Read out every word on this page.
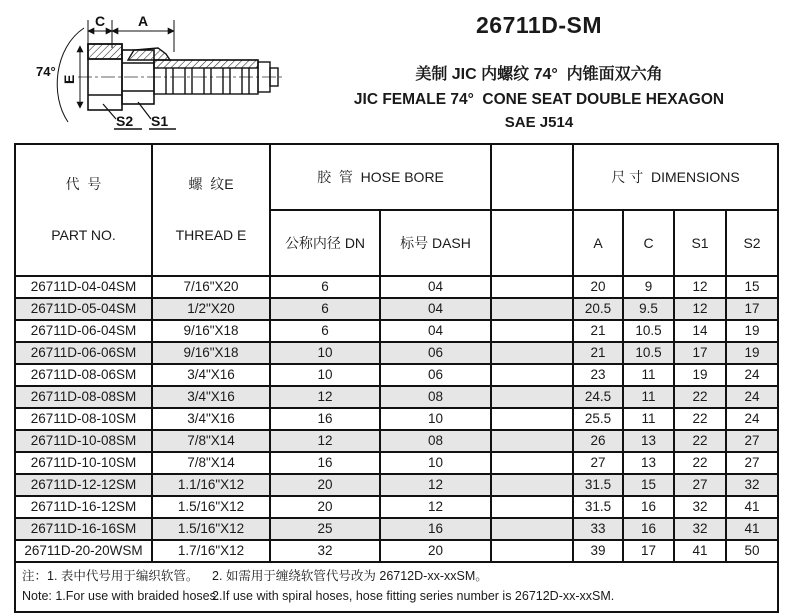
C A
E
74°
S2 S1
26711D-SM
美制 JIC 内螺纹 74°  内锥面双六角
JIC FEMALE 74°  CONE SEAT DOUBLE HEXAGON
SAE J514

代  号

PART NO.

螺  纹E

THREAD E

	胶  管  HOSE BORE		尺 寸  DIMENSIONS
		公称内径 DN	标号 DASH		A	C	S1	S2
26711D-04-04SM	7/16"X20	6	04		20	9	12	15
26711D-05-04SM	1/2"X20	6	04		20.5	9.5	12	17
26711D-06-04SM	9/16"X18	6	04		21	10.5	14	19
26711D-06-06SM	9/16"X18	10	06		21	10.5	17	19
26711D-08-06SM	3/4"X16	10	06		23	11	19	24
26711D-08-08SM	3/4"X16	12	08		24.5	11	22	24
26711D-08-10SM	3/4"X16	16	10		25.5	11	22	24
26711D-10-08SM	7/8"X14	12	08		26	13	22	27
26711D-10-10SM	7/8"X14	16	10		27	13	22	27
26711D-12-12SM	1.1/16"X12	20	12		31.5	15	27	32
26711D-16-12SM	1.5/16"X12	20	12		31.5	16	32	41
26711D-16-16SM	1.5/16"X12	25	16		33	16	32	41
26711D-20-20WSM	1.7/16"X12	32	20		39	17	41	50

注：1. 表中代号用于编织软管。 2. 如需用于缠绕软管代号改为 26712D-xx-xxSM。
Note: 1.For use with braided hoses.
2.If use with spiral hoses, hose fitting series number is 26712D-xx-xxSM.								
